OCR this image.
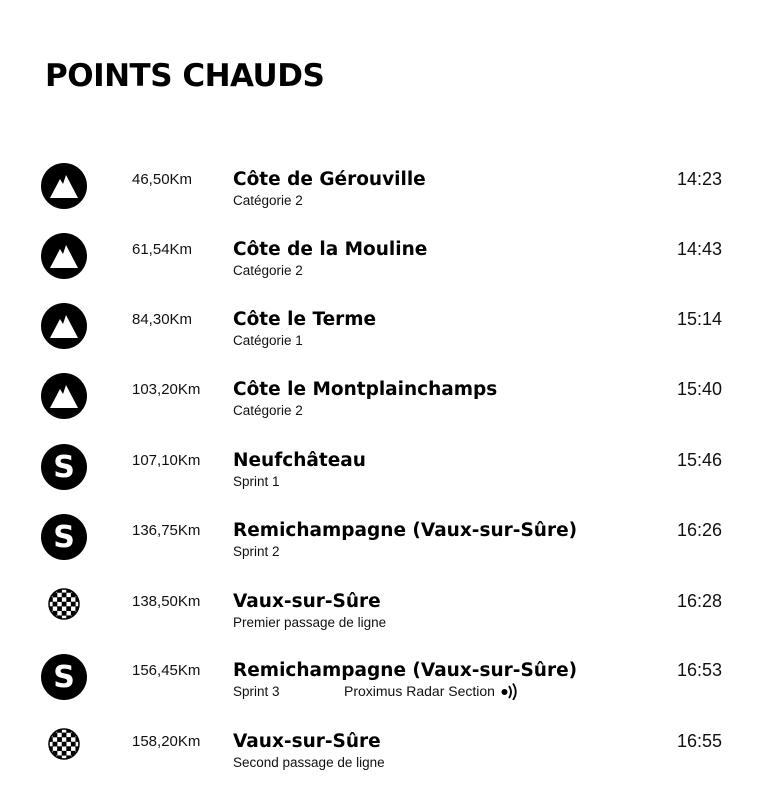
POINTS CHAUDS
46,50Km Côte de Gérouville
Catégorie 2
14:23
61,54Km Côte de la Mouline
Catégorie 2
14:43
84,30Km Côte le Terme
Catégorie 1
15:14
103,20Km Côte le Montplainchamps
Catégorie 2
15:40
S	107,10Km Neufchâteau
Sprint 1
15:46
S	136,75Km Remichampagne (Vaux-sur-Sûre)
Sprint 2
16:26
138,50Km Vaux-sur-Sûre
Premier passage de ligne
16:28
S	156,45Km Remichampagne (Vaux-sur-Sûre)
Sprint 3
16:53
Proximus Radar Section
158,20Km Vaux-sur-Sûre
Second passage de ligne
16:55
